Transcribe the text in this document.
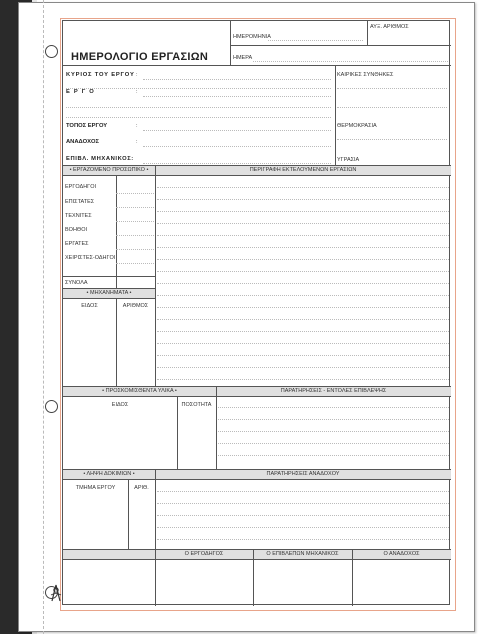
ΗΜΕΡΟΛΟΓΙΟ ΕΡΓΑΣΙΩΝ
ΗΜΕΡΟΜΗΝΙΑ
ΗΜΕΡΑ
ΑΥΞ. ΑΡΙΘΜΟΣ
ΚΥΡΙΟΣ ΤΟΥ ΕΡΓΟΥ :
Ε Ρ Γ Ο	:
ΤΟΠΟΣ ΕΡΓΟΥ	:
ΑΝΑΔΟΧΟΣ	:
ΕΠΙΒΛ. ΜΗΧΑΝΙΚΟΣ:
ΚΑΙΡΙΚΕΣ ΣΥΝΘΗΚΕΣ
ΘΕΡΜΟΚΡΑΣΙΑ
ΥΓΡΑΣΙΑ
• ΕΡΓΑΖΟΜΕΝΟ ΠΡΟΣΩΠΙΚΟ •	ΠΕΡΙΓΡΑΦΗ ΕΚΤΕΛΟΥΜΕΝΩΝ ΕΡΓΑΣΙΩΝ
ΕΡΓΟΔΗΓΟΙ
ΕΠΙΣΤΑΤΕΣ
ΤΕΧΝΙΤΕΣ
ΒΟΗΘΟΙ
ΕΡΓΑΤΕΣ
ΧΕΙΡΙΣΤΕΣ-ΟΔΗΓΟΙ
ΣΥΝΟΛΑ
• ΜΗΧΑΝΗΜΑΤΑ •
ΕΙΔΟΣ	ΑΡΙΘΜΟΣ
• ΠΡΟΣΚΟΜΙΣΘΕΝΤΑ ΥΛΙΚΑ •	ΠΑΡΑΤΗΡΗΣΕΙΣ - ΕΝΤΟΛΕΣ ΕΠΙΒΛΕΨΗΣ
ΕΙΔΟΣ	ΠΟΣΟΤΗΤΑ
• ΛΗΨΗ ΔΟΚΙΜΙΩΝ •	ΠΑΡΑΤΗΡΗΣΕΙΣ ΑΝΑΔΟΧΟΥ
ΤΜΗΜΑ ΕΡΓΟΥ	ΑΡΙΘ.
Ο ΕΡΓΟΔΗΓΟΣ	Ο ΕΠΙΒΛΕΠΩΝ ΜΗΧΑΝΙΚΟΣ	Ο ΑΝΑΔΟΧΟΣ
